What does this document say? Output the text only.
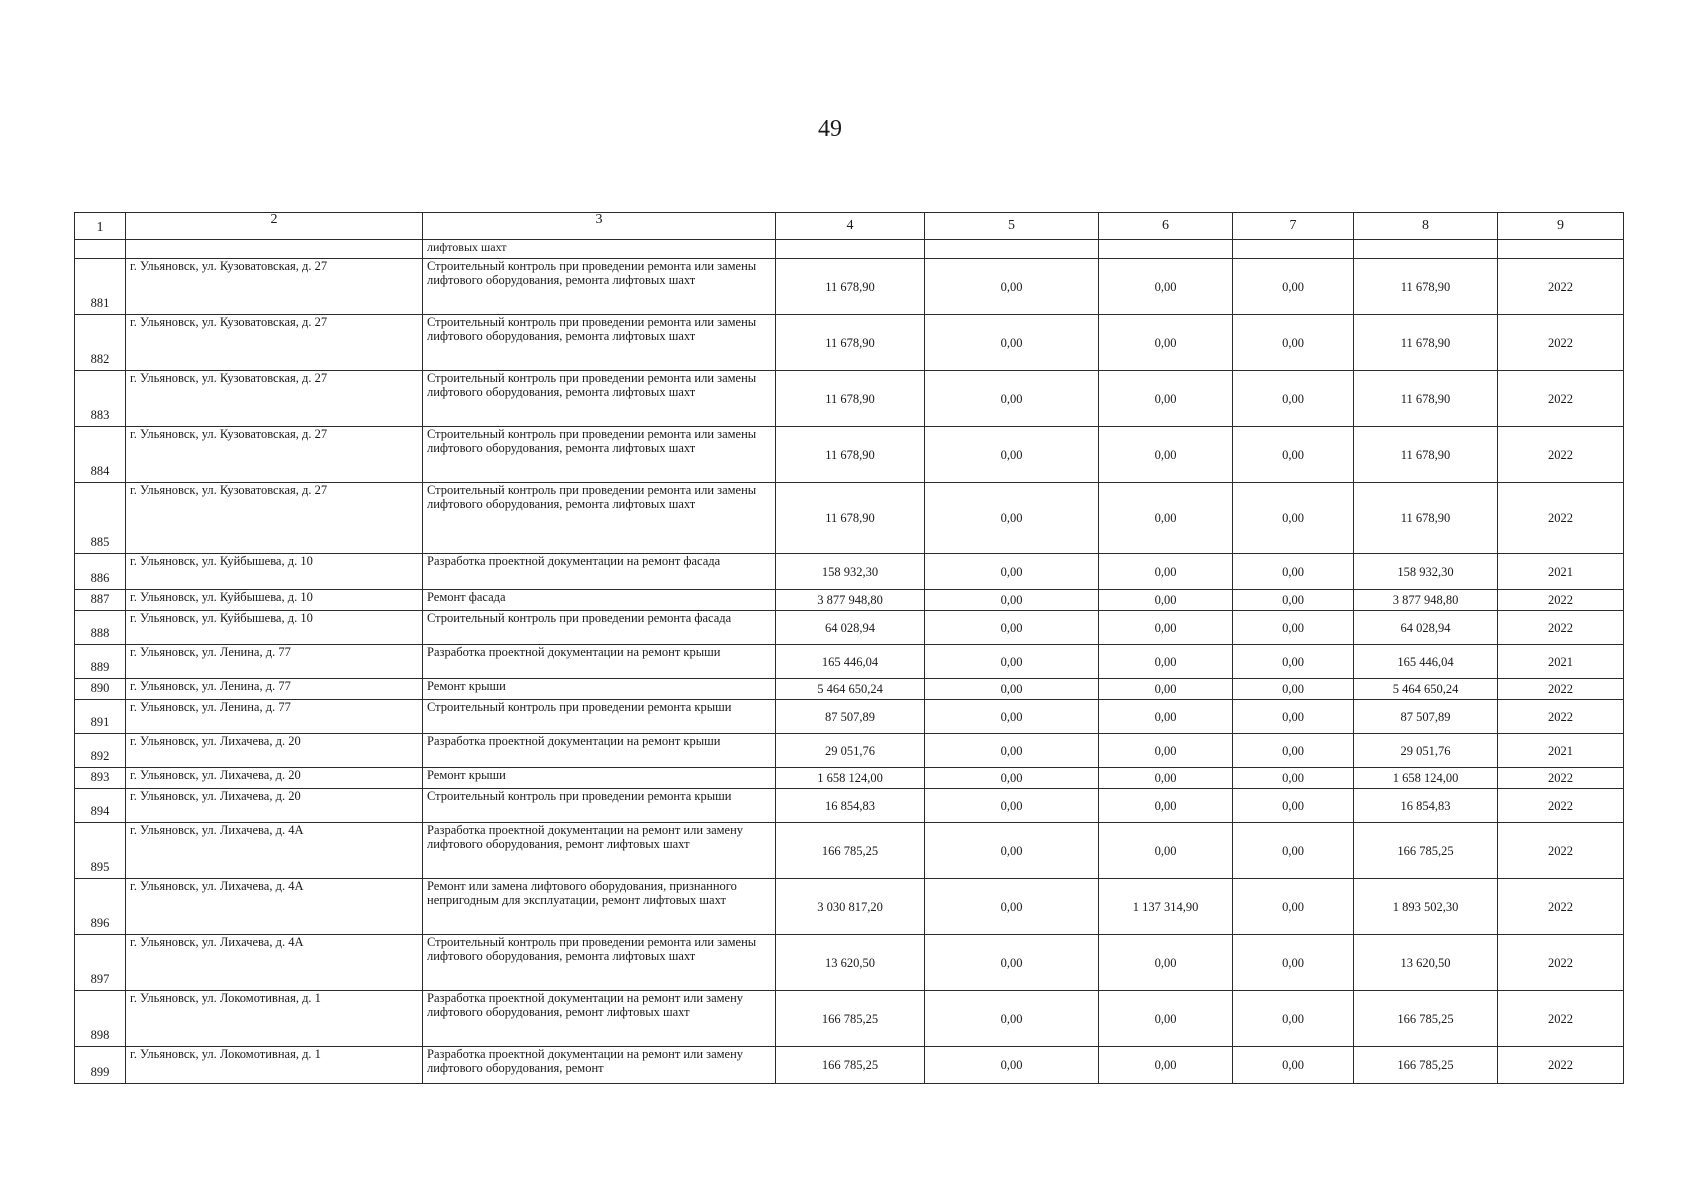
49
1	2	3	4	5	6	7	8	9
		лифтовых шахт						
881	г. Ульяновск, ул. Кузоватовская, д. 27	Строительный контроль при проведении ремонта или замены лифтового оборудования, ремонта лифтовых шахт	11 678,90	0,00	0,00	0,00	11 678,90	2022
882	г. Ульяновск, ул. Кузоватовская, д. 27	Строительный контроль при проведении ремонта или замены лифтового оборудования, ремонта лифтовых шахт	11 678,90	0,00	0,00	0,00	11 678,90	2022
883	г. Ульяновск, ул. Кузоватовская, д. 27	Строительный контроль при проведении ремонта или замены лифтового оборудования, ремонта лифтовых шахт	11 678,90	0,00	0,00	0,00	11 678,90	2022
884	г. Ульяновск, ул. Кузоватовская, д. 27	Строительный контроль при проведении ремонта или замены лифтового оборудования, ремонта лифтовых шахт	11 678,90	0,00	0,00	0,00	11 678,90	2022
885	г. Ульяновск, ул. Кузоватовская, д. 27	Строительный контроль при проведении ремонта или замены лифтового оборудования, ремонта лифтовых шахт	11 678,90	0,00	0,00	0,00	11 678,90	2022
886	г. Ульяновск, ул. Куйбышева, д. 10	Разработка проектной документации на ремонт фасада	158 932,30	0,00	0,00	0,00	158 932,30	2021
887	г. Ульяновск, ул. Куйбышева, д. 10	Ремонт фасада	3 877 948,80	0,00	0,00	0,00	3 877 948,80	2022
888	г. Ульяновск, ул. Куйбышева, д. 10	Строительный контроль при проведении ремонта фасада	64 028,94	0,00	0,00	0,00	64 028,94	2022
889	г. Ульяновск, ул. Ленина, д. 77	Разработка проектной документации на ремонт крыши	165 446,04	0,00	0,00	0,00	165 446,04	2021
890	г. Ульяновск, ул. Ленина, д. 77	Ремонт крыши	5 464 650,24	0,00	0,00	0,00	5 464 650,24	2022
891	г. Ульяновск, ул. Ленина, д. 77	Строительный контроль при проведении ремонта крыши	87 507,89	0,00	0,00	0,00	87 507,89	2022
892	г. Ульяновск, ул. Лихачева, д. 20	Разработка проектной документации на ремонт крыши	29 051,76	0,00	0,00	0,00	29 051,76	2021
893	г. Ульяновск, ул. Лихачева, д. 20	Ремонт крыши	1 658 124,00	0,00	0,00	0,00	1 658 124,00	2022
894	г. Ульяновск, ул. Лихачева, д. 20	Строительный контроль при проведении ремонта крыши	16 854,83	0,00	0,00	0,00	16 854,83	2022
895	г. Ульяновск, ул. Лихачева, д. 4А	Разработка проектной документации на ремонт или замену лифтового оборудования, ремонт лифтовых шахт	166 785,25	0,00	0,00	0,00	166 785,25	2022
896	г. Ульяновск, ул. Лихачева, д. 4А	Ремонт или замена лифтового оборудования, признанного непригодным для эксплуатации, ремонт лифтовых шахт	3 030 817,20	0,00	1 137 314,90	0,00	1 893 502,30	2022
897	г. Ульяновск, ул. Лихачева, д. 4А	Строительный контроль при проведении ремонта или замены лифтового оборудования, ремонта лифтовых шахт	13 620,50	0,00	0,00	0,00	13 620,50	2022
898	г. Ульяновск, ул. Локомотивная, д. 1	Разработка проектной документации на ремонт или замену лифтового оборудования, ремонт лифтовых шахт	166 785,25	0,00	0,00	0,00	166 785,25	2022
899	г. Ульяновск, ул. Локомотивная, д. 1	Разработка проектной документации на ремонт или замену лифтового оборудования, ремонт	166 785,25	0,00	0,00	0,00	166 785,25	2022
